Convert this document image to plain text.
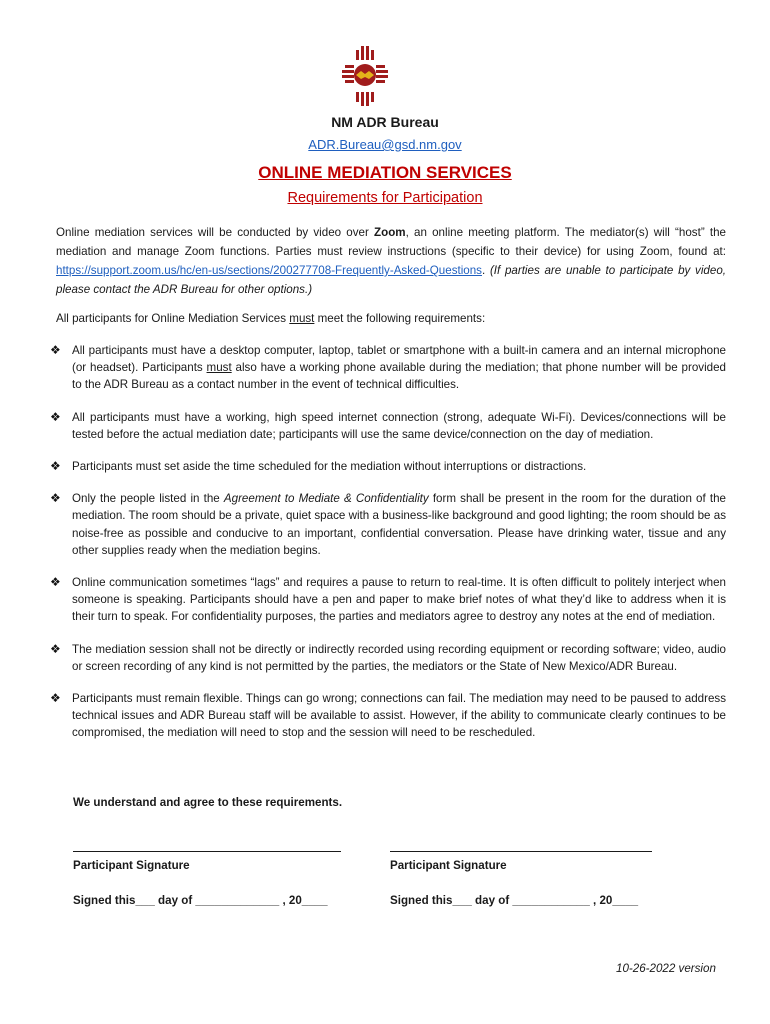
NM ADR Bureau
ADR.Bureau@gsd.nm.gov
ONLINE MEDIATION SERVICES
Requirements for Participation

Online mediation services will be conducted by video over Zoom, an online meeting platform. The mediator(s) will “host” the mediation and manage Zoom functions. Parties must review instructions (specific to their device) for using Zoom, found at: https://support.zoom.us/hc/en-us/sections/200277708-Frequently-Asked-Questions. (If parties are unable to participate by video, please contact the ADR Bureau for other options.)

All participants for Online Mediation Services must meet the following requirements:

❖ All participants must have a desktop computer, laptop, tablet or smartphone with a built-in camera and an internal microphone (or headset). Participants must also have a working phone available during the mediation; that phone number will be provided to the ADR Bureau as a contact number in the event of technical difficulties.
❖ All participants must have a working, high speed internet connection (strong, adequate Wi-Fi). Devices/connections will be tested before the actual mediation date; participants will use the same device/connection on the day of mediation.
❖ Participants must set aside the time scheduled for the mediation without interruptions or distractions.
❖ Only the people listed in the Agreement to Mediate & Confidentiality form shall be present in the room for the duration of the mediation. The room should be a private, quiet space with a business-like background and good lighting; the room should be as noise-free as possible and conducive to an important, confidential conversation. Please have drinking water, tissue and any other supplies ready when the mediation begins.
❖ Online communication sometimes “lags” and requires a pause to return to real-time. It is often difficult to politely interject when someone is speaking. Participants should have a pen and paper to make brief notes of what they’d like to address when it is their turn to speak. For confidentiality purposes, the parties and mediators agree to destroy any notes at the end of mediation.
❖ The mediation session shall not be directly or indirectly recorded using recording equipment or recording software; video, audio or screen recording of any kind is not permitted by the parties, the mediators or the State of New Mexico/ADR Bureau.
❖ Participants must remain flexible. Things can go wrong; connections can fail. The mediation may need to be paused to address technical issues and ADR Bureau staff will be available to assist. However, if the ability to communicate clearly continues to be compromised, the mediation will need to stop and the session will need to be rescheduled.
We understand and agree to these requirements.
Participant Signature
Signed this___ day of _____________ , 20____
Participant Signature
Signed this___ day of ____________ , 20____
10-26-2022 version
